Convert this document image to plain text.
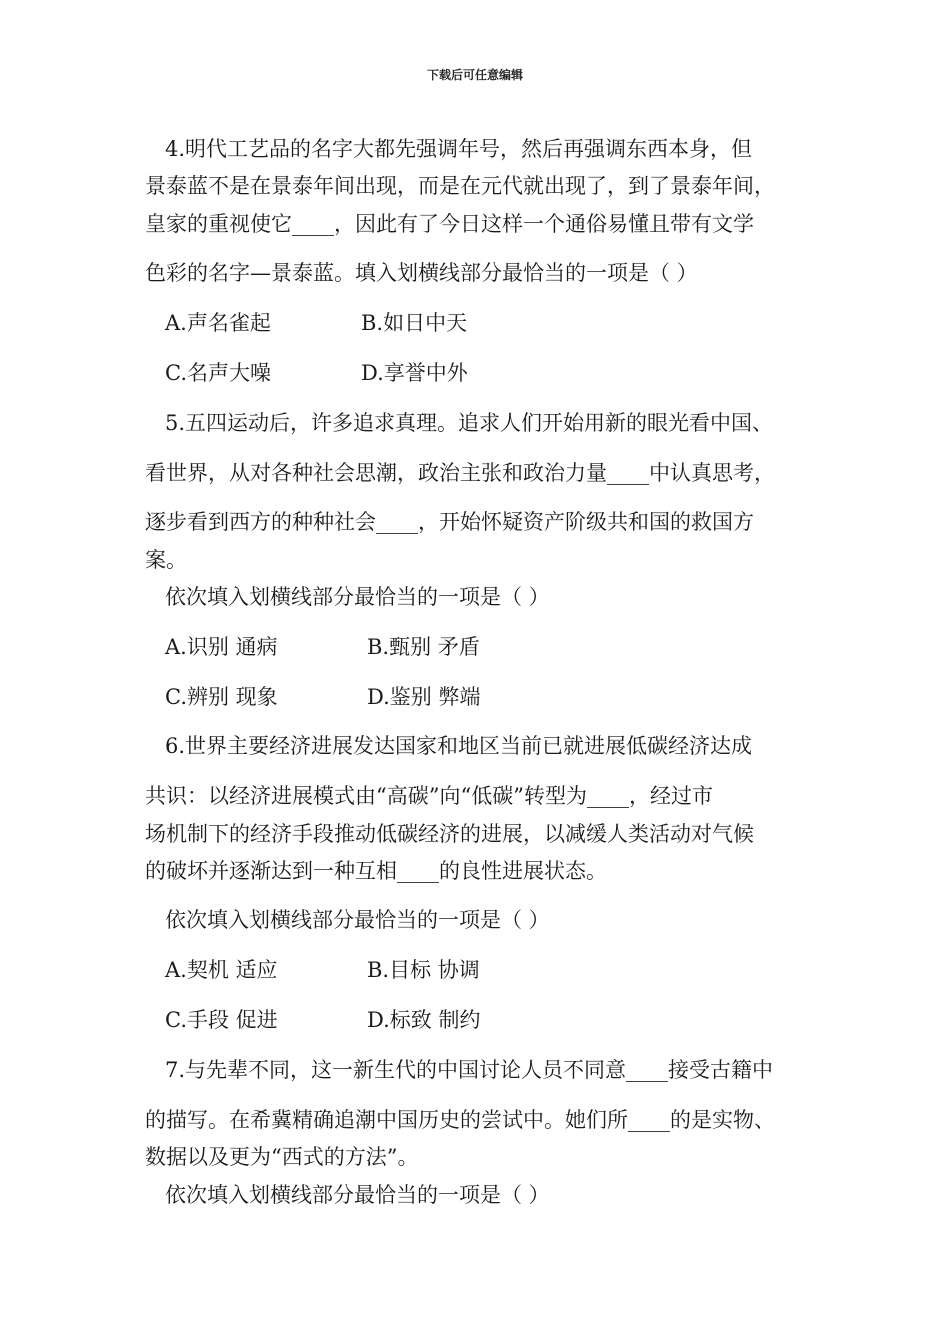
下载后可任意编辑
4.明代工艺品的名字大都先强调年号，然后再强调东西本身，但
景泰蓝不是在景泰年间出现，而是在元代就出现了，到了景泰年间，
皇家的重视使它____，因此有了今日这样一个通俗易懂且带有文学
色彩的名字—景泰蓝。填入划横线部分最恰当的一项是（ ）
A.声名雀起	B.如日中天
C.名声大噪	D.享誉中外
5.五四运动后，许多追求真理。追求人们开始用新的眼光看中国、
看世界，从对各种社会思潮，政治主张和政治力量____中认真思考，
逐步看到西方的种种社会____，开始怀疑资产阶级共和国的救国方
案。
依次填入划横线部分最恰当的一项是（ ）
A.识别 通病	B.甄别 矛盾
C.辨别 现象	D.鉴别 弊端
6.世界主要经济进展发达国家和地区当前已就进展低碳经济达成
共识：以经济进展模式由“高碳”向“低碳”转型为____，经过市
场机制下的经济手段推动低碳经济的进展，以减缓人类活动对气候
的破坏并逐渐达到一种互相____的良性进展状态。
依次填入划横线部分最恰当的一项是（ ）
A.契机 适应	B.目标 协调
C.手段 促进	D.标致 制约
7.与先辈不同，这一新生代的中国讨论人员不同意____接受古籍中
的描写。在希冀精确追潮中国历史的尝试中。她们所____的是实物、
数据以及更为“西式的方法”。
依次填入划横线部分最恰当的一项是（ ）
